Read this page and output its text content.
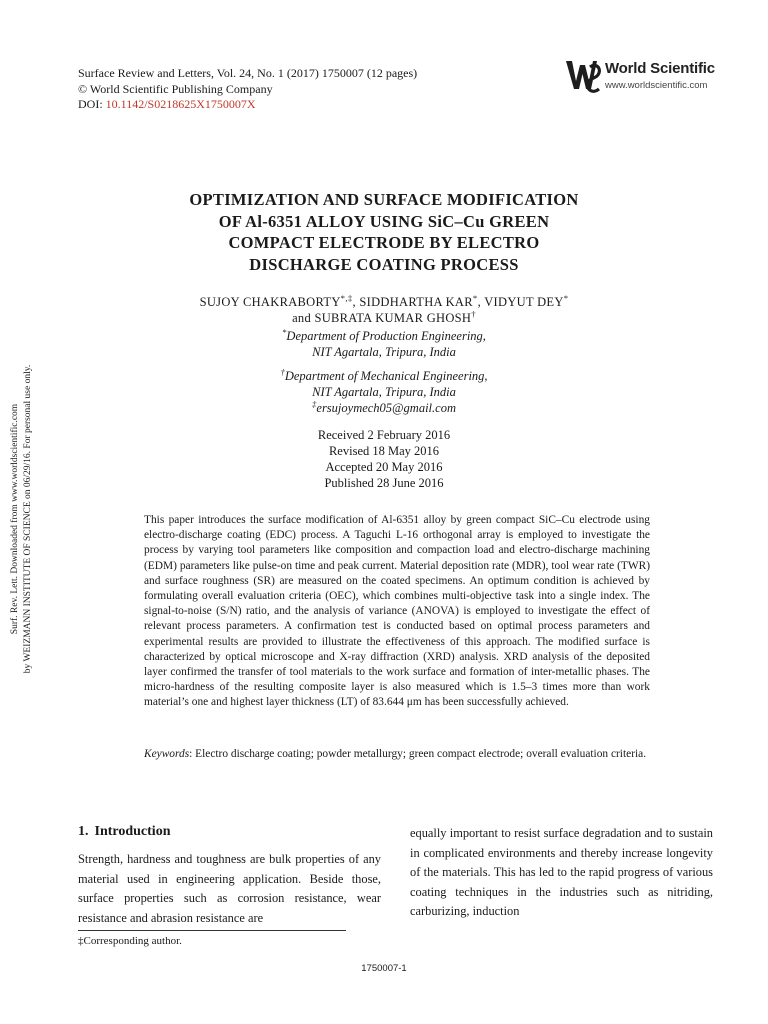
Surface Review and Letters, Vol. 24, No. 1 (2017) 1750007 (12 pages)
© World Scientific Publishing Company
DOI: 10.1142/S0218625X1750007X
World Scientific
www.worldscientific.com
Surf. Rev. Lett. Downloaded from www.worldscientific.com by WEIZMANN INSTITUTE OF SCIENCE on 06/29/16. For personal use only.
OPTIMIZATION AND SURFACE MODIFICATION
OF Al-6351 ALLOY USING SiC–Cu GREEN
COMPACT ELECTRODE BY ELECTRO
DISCHARGE COATING PROCESS
SUJOY CHAKRABORTY*,‡, SIDDHARTHA KAR*, VIDYUT DEY*
and SUBRATA KUMAR GHOSH†
*Department of Production Engineering,
NIT Agartala, Tripura, India
†Department of Mechanical Engineering,
NIT Agartala, Tripura, India
‡ersujoymech05@gmail.com
Received 2 February 2016
Revised 18 May 2016
Accepted 20 May 2016
Published 28 June 2016
This paper introduces the surface modification of Al-6351 alloy by green compact SiC–Cu electrode using electro-discharge coating (EDC) process. A Taguchi L-16 orthogonal array is employed to investigate the process by varying tool parameters like composition and compaction load and electro-discharge machining (EDM) parameters like pulse-on time and peak current. Material deposition rate (MDR), tool wear rate (TWR) and surface roughness (SR) are measured on the coated specimens. An optimum condition is achieved by formulating overall evaluation criteria (OEC), which combines multi-objective task into a single index. The signal-to-noise (S/N) ratio, and the analysis of variance (ANOVA) is employed to investigate the effect of relevant process parameters. A confirmation test is conducted based on optimal process parameters and experimental results are provided to illustrate the effectiveness of this approach. The modified surface is characterized by optical microscope and X-ray diffraction (XRD) analysis. XRD analysis of the deposited layer confirmed the transfer of tool materials to the work surface and formation of inter-metallic phases. The micro-hardness of the resulting composite layer is also measured which is 1.5–3 times more than work material’s one and highest layer thickness (LT) of 83.644 μm has been successfully achieved.
Keywords: Electro discharge coating; powder metallurgy; green compact electrode; overall evaluation criteria.
1. Introduction

Strength, hardness and toughness are bulk properties of any material used in engineering application. Beside those, surface properties such as corrosion resistance, wear resistance and abrasion resistance are

equally important to resist surface degradation and to sustain in complicated environments and thereby increase longevity of the materials. This has led to the rapid progress of various coating techniques in the industries such as nitriding, carburizing, induction

‡Corresponding author.
1750007-1
